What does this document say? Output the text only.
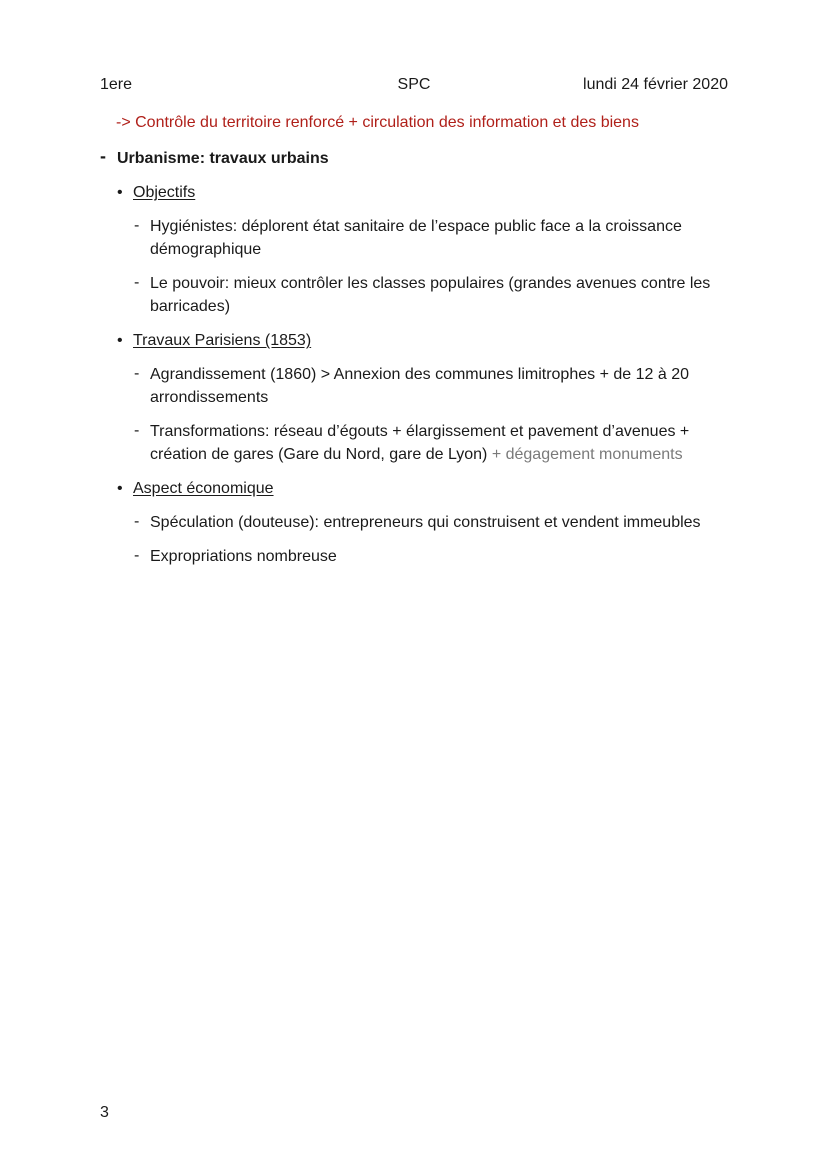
1ere	SPC	lundi 24 février 2020
-> Contrôle du territoire renforcé + circulation des information et des biens
- Urbanisme: travaux urbains
• Objectifs
- Hygiénistes: déplorent état sanitaire de l’espace public face a la croissance démographique
- Le pouvoir: mieux contrôler les classes populaires (grandes avenues contre les barricades)
• Travaux Parisiens (1853)
- Agrandissement (1860) > Annexion des communes limitrophes + de 12 à 20 arrondissements
- Transformations: réseau d’égouts + élargissement et pavement d’avenues + création de gares (Gare du Nord, gare de Lyon) + dégagement monuments
• Aspect économique
- Spéculation (douteuse): entrepreneurs qui construisent et vendent immeubles
- Expropriations nombreuse
3
